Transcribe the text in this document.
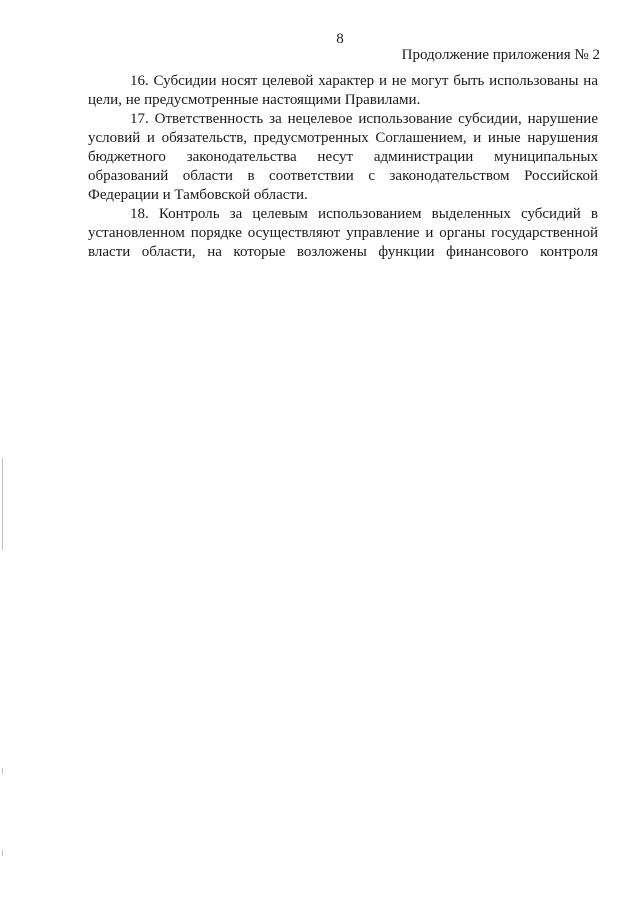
8
Продолжение приложения № 2

16. Субсидии носят целевой характер и не могут быть использованы на цели, не предусмотренные настоящими Правилами.

17. Ответственность за нецелевое использование субсидии, нарушение условий и обязательств, предусмотренных Соглашением, и иные нарушения бюджетного законодательства несут администрации муниципальных образований области в соответствии с законодательством Российской Федерации и Тамбовской области.

18. Контроль за целевым использованием выделенных субсидий в установленном порядке осуществляют управление и органы государственной власти области, на которые возложены функции финансового контроля
